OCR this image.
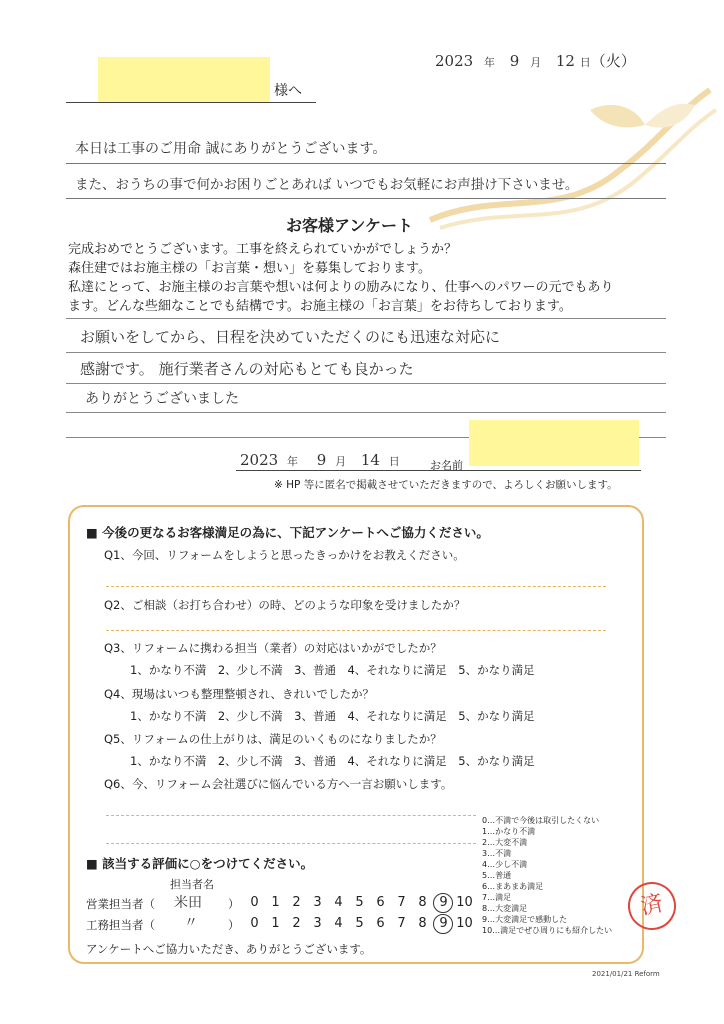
2023 年 9 月 12 日（火）
様へ
本日は工事のご用命 誠にありがとうございます。
また、おうちの事で何かお困りごとあれば いつでもお気軽にお声掛け下さいませ。
お客様アンケート
完成おめでとうございます。工事を終えられていかがでしょうか？
森住建ではお施主様の「お言葉・想い」を募集しております。
私達にとって、お施主様のお言葉や想いは何よりの励みになり、仕事へのパワーの元でもあり
ます。どんな些細なことでも結構です。お施主様の「お言葉」をお待ちしております。
お願いをしてから、日程を決めていただくのにも迅速な対応に
感謝です。 施行業者さんの対応もとても良かった
ありがとうございました
2023 年 9 月 14 日	お名前
※ HP 等に匿名で掲載させていただきますので、よろしくお願いします。
■ 今後の更なるお客様満足の為に、下記アンケートへご協力ください。
Q1、今回、リフォームをしようと思ったきっかけをお教えください。
Q2、ご相談（お打ち合わせ）の時、どのような印象を受けましたか？
Q3、リフォームに携わる担当（業者）の対応はいかがでしたか？
1、かなり不満　2、少し不満　3、普通　4、それなりに満足　5、かなり満足
Q4、現場はいつも整理整頓され、きれいでしたか？
1、かなり不満　2、少し不満　3、普通　4、それなりに満足　5、かなり満足
Q5、リフォームの仕上がりは、満足のいくものになりましたか？
1、かなり不満　2、少し不満　3、普通　4、それなりに満足　5、かなり満足
Q6、今、リフォーム会社選びに悩んでいる方へ一言お願いします。
0…不満で今後は取引したくない
1…かなり不満
2…大変不満
3…不満
4…少し不満
5…普通
6…まあまあ満足
7…満足
8…大変満足
9…大変満足で感動した
10…満足でぜひ周りにも紹介したい
■ 該当する評価に○をつけてください。
担当者名
営業担当者（ 米田 ） 0 1 2 3 4 5 6 7 8 9 10
工務担当者（ 〃	） 0 1 2 3 4 5 6 7 8 9 10
アンケートへご協力いただき、ありがとうございます。
済
2021/01/21 Reform
